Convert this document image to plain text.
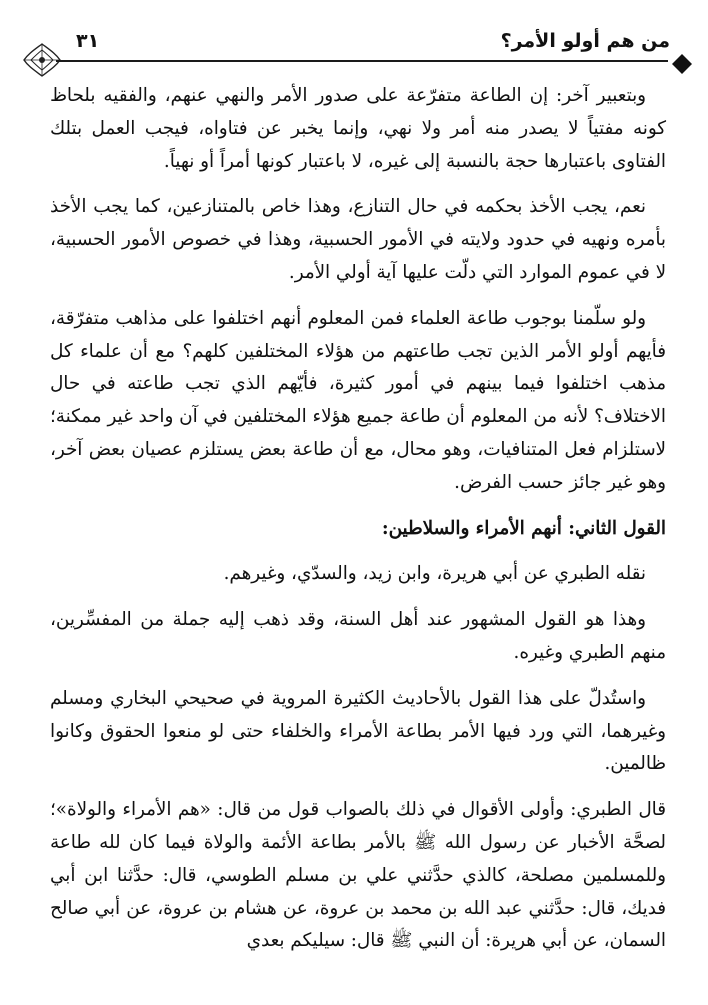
٣١	من هم أولو الأمر؟

وبتعبير آخر: إن الطاعة متفرّعة على صدور الأمر والنهي عنهم، والفقيه بلحاظ كونه مفتياً لا يصدر منه أمر ولا نهي، وإنما يخبر عن فتاواه، فيجب العمل بتلك الفتاوى باعتبارها حجة بالنسبة إلى غيره، لا باعتبار كونها أمراً أو نهياً.

نعم، يجب الأخذ بحكمه في حال التنازع، وهذا خاص بالمتنازعين، كما يجب الأخذ بأمره ونهيه في حدود ولايته في الأمور الحسبية، وهذا في خصوص الأمور الحسبية، لا في عموم الموارد التي دلّت عليها آية أولي الأمر.

ولو سلّمنا بوجوب طاعة العلماء فمن المعلوم أنهم اختلفوا على مذاهب متفرّقة، فأيهم أولو الأمر الذين تجب طاعتهم من هؤلاء المختلفين كلهم؟ مع أن علماء كل مذهب اختلفوا فيما بينهم في أمور كثيرة، فأيّهم الذي تجب طاعته في حال الاختلاف؟ لأنه من المعلوم أن طاعة جميع هؤلاء المختلفين في آن واحد غير ممكنة؛ لاستلزام فعل المتنافيات، وهو محال، مع أن طاعة بعض يستلزم عصيان بعض آخر، وهو غير جائز حسب الفرض.

القول الثاني: أنهم الأمراء والسلاطين:

نقله الطبري عن أبي هريرة، وابن زيد، والسدّي، وغيرهم.

وهذا هو القول المشهور عند أهل السنة، وقد ذهب إليه جملة من المفسِّرين، منهم الطبري وغيره.

واستُدلّ على هذا القول بالأحاديث الكثيرة المروية في صحيحي البخاري ومسلم وغيرهما، التي ورد فيها الأمر بطاعة الأمراء والخلفاء حتى لو منعوا الحقوق وكانوا ظالمين.

قال الطبري: وأولى الأقوال في ذلك بالصواب قول من قال: «هم الأمراء والولاة»؛ لصحَّة الأخبار عن رسول الله ﷺ بالأمر بطاعة الأئمة والولاة فيما كان لله طاعة وللمسلمين مصلحة، كالذي حدَّثني علي بن مسلم الطوسي، قال: حدَّثنا ابن أبي فديك، قال: حدَّثني عبد الله بن محمد بن عروة، عن هشام بن عروة، عن أبي صالح السمان، عن أبي هريرة: أن النبي ﷺ قال: سيليكم بعدي
